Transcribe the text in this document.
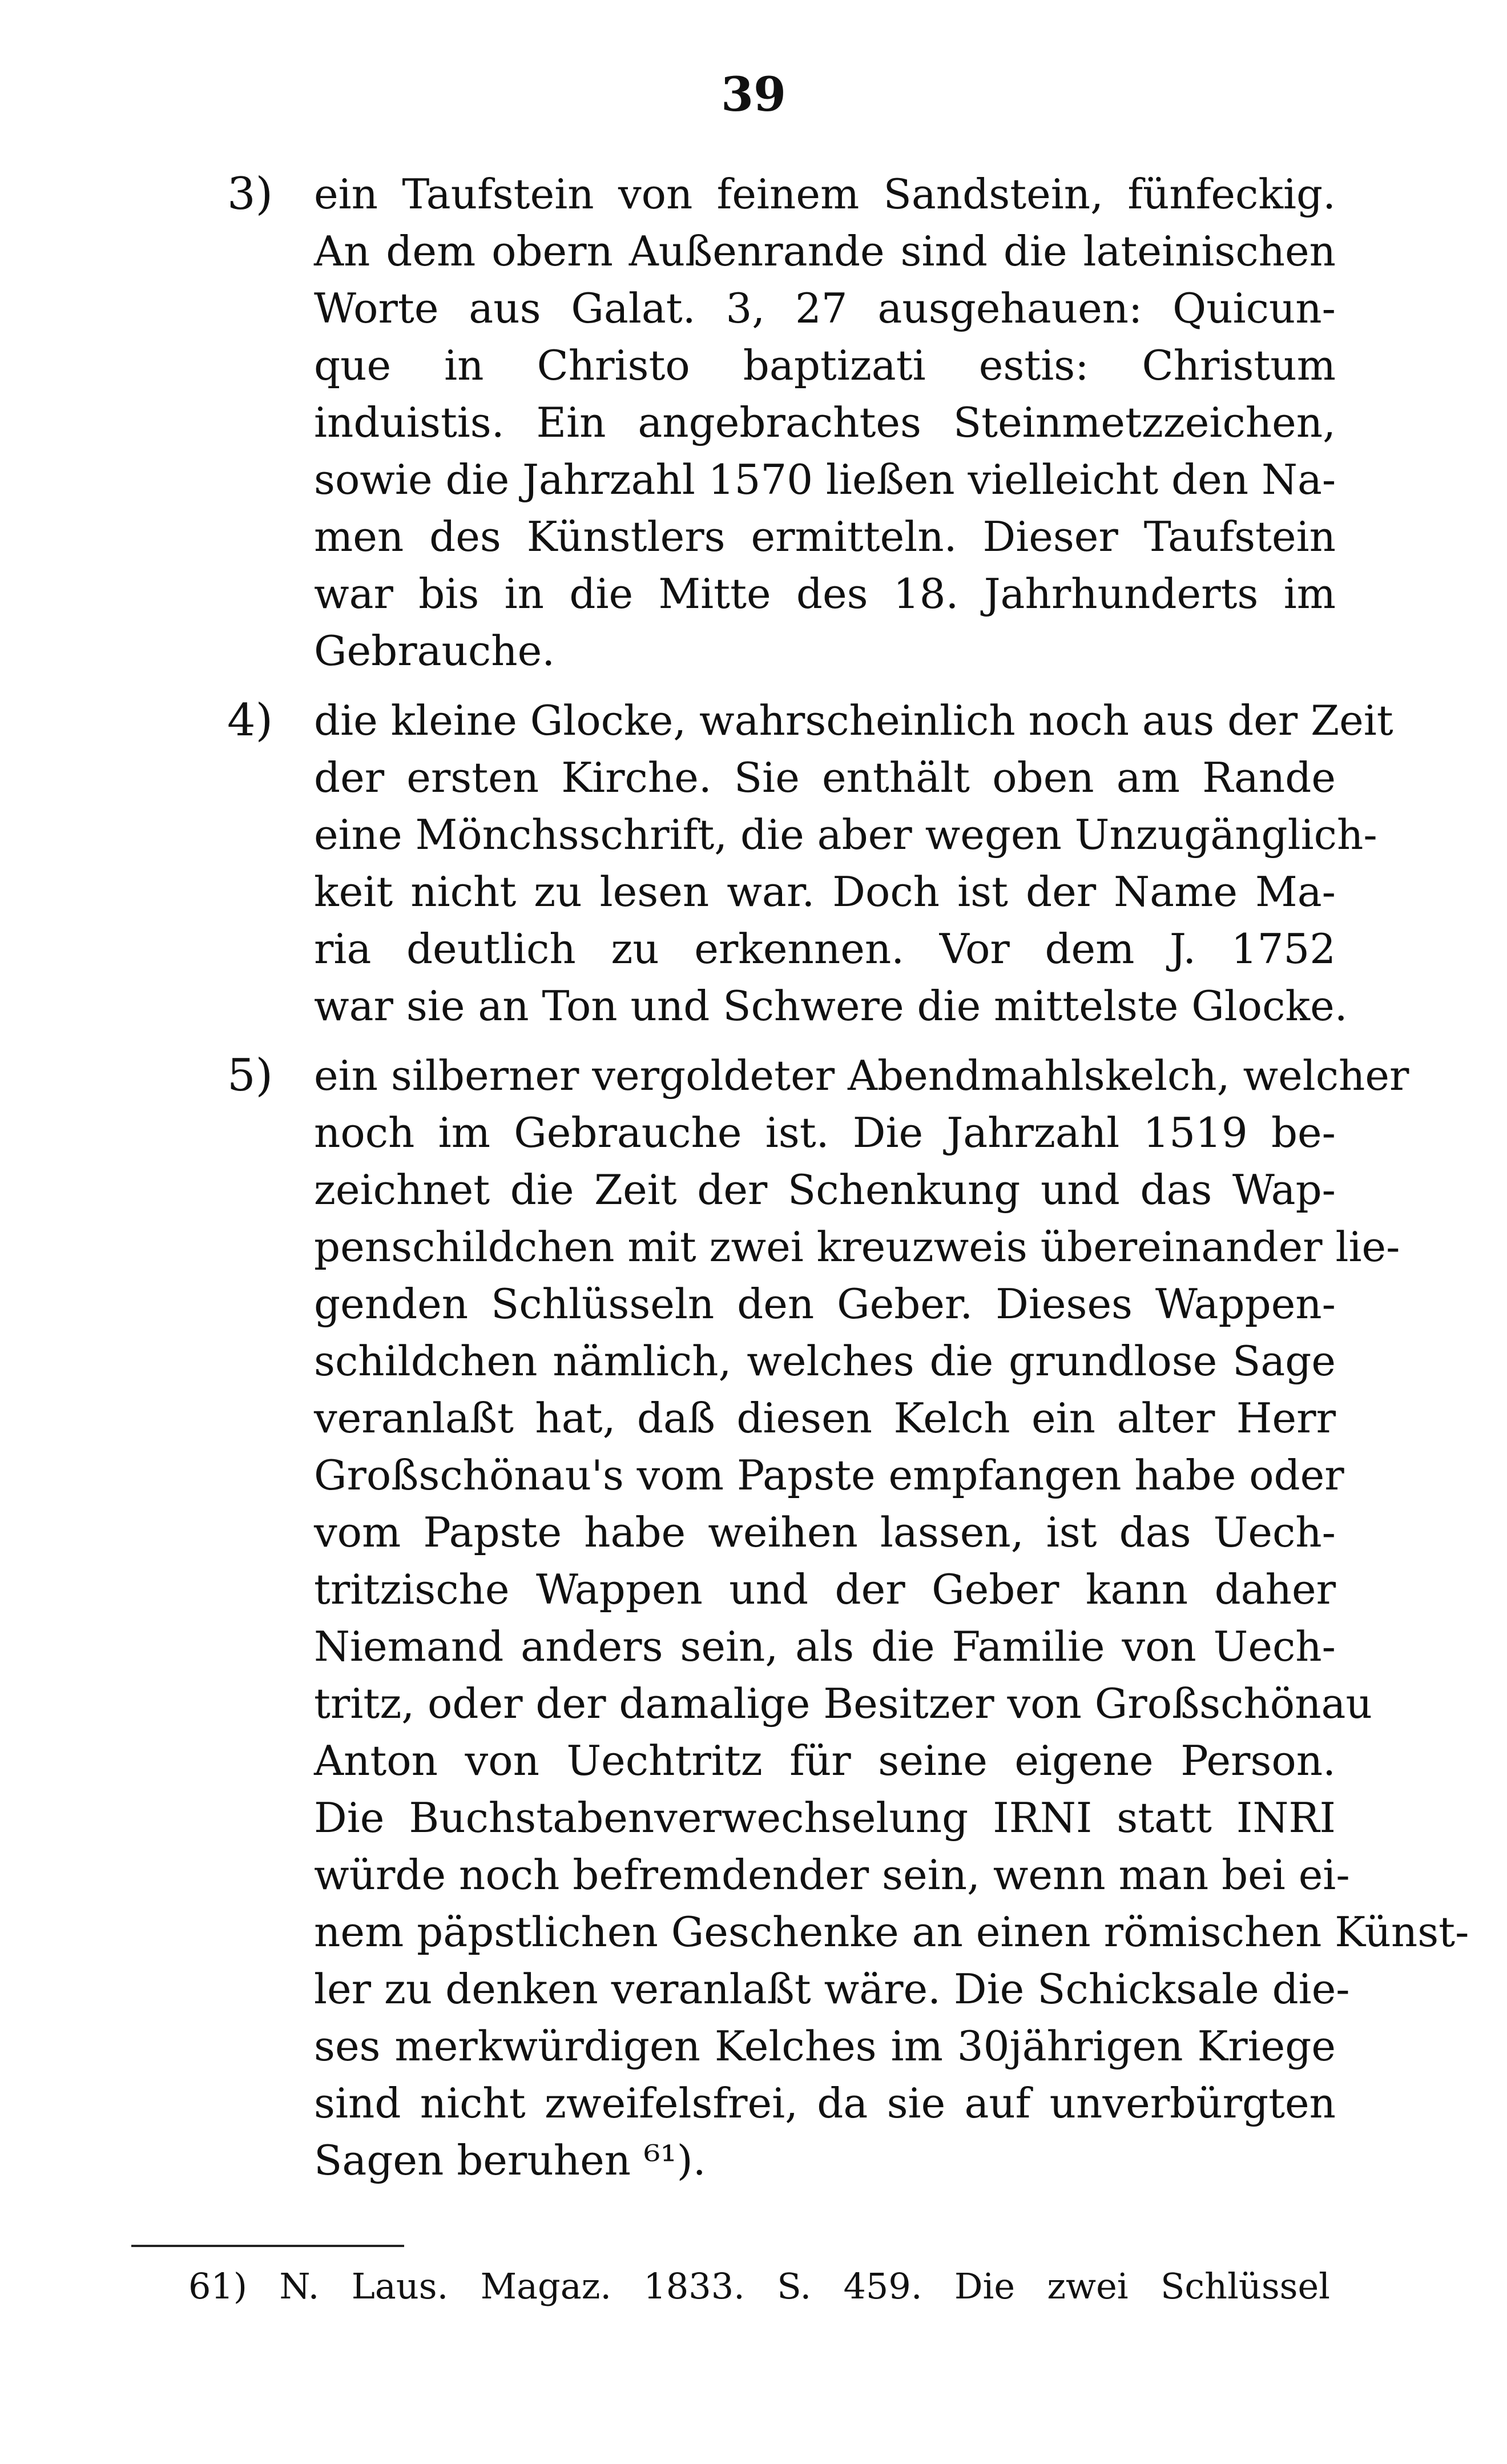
39
3) ein Taufstein von feinem Sandstein, fünfeckig.
An dem obern Außenrande sind die lateinischen
Worte aus Galat. 3, 27 ausgehauen: Quicun-
que in Christo baptizati estis: Christum
induistis. Ein angebrachtes Steinmetzzeichen,
sowie die Jahrzahl 1570 ließen vielleicht den Na-
men des Künstlers ermitteln. Dieser Taufstein
war bis in die Mitte des 18. Jahrhunderts im
Gebrauche.
4) die kleine Glocke, wahrscheinlich noch aus der Zeit
der ersten Kirche. Sie enthält oben am Rande
eine Mönchsschrift, die aber wegen Unzugänglich-
keit nicht zu lesen war. Doch ist der Name Ma-
ria deutlich zu erkennen. Vor dem J. 1752
war sie an Ton und Schwere die mittelste Glocke.
5) ein silberner vergoldeter Abendmahlskelch, welcher
noch im Gebrauche ist. Die Jahrzahl 1519 be-
zeichnet die Zeit der Schenkung und das Wap-
penschildchen mit zwei kreuzweis übereinander lie-
genden Schlüsseln den Geber. Dieses Wappen-
schildchen nämlich, welches die grundlose Sage
veranlaßt hat, daß diesen Kelch ein alter Herr
Großschönau's vom Papste empfangen habe oder
vom Papste habe weihen lassen, ist das Uech-
tritzische Wappen und der Geber kann daher
Niemand anders sein, als die Familie von Uech-
tritz, oder der damalige Besitzer von Großschönau
Anton von Uechtritz für seine eigene Person.
Die Buchstabenverwechselung IRNI statt INRI
würde noch befremdender sein, wenn man bei ei-
nem päpstlichen Geschenke an einen römischen Künst-
ler zu denken veranlaßt wäre. Die Schicksale die-
ses merkwürdigen Kelches im 30jährigen Kriege
sind nicht zweifelsfrei, da sie auf unverbürgten
Sagen beruhen ⁶¹).
61) N. Laus. Magaz. 1833. S. 459. Die zwei Schlüssel
